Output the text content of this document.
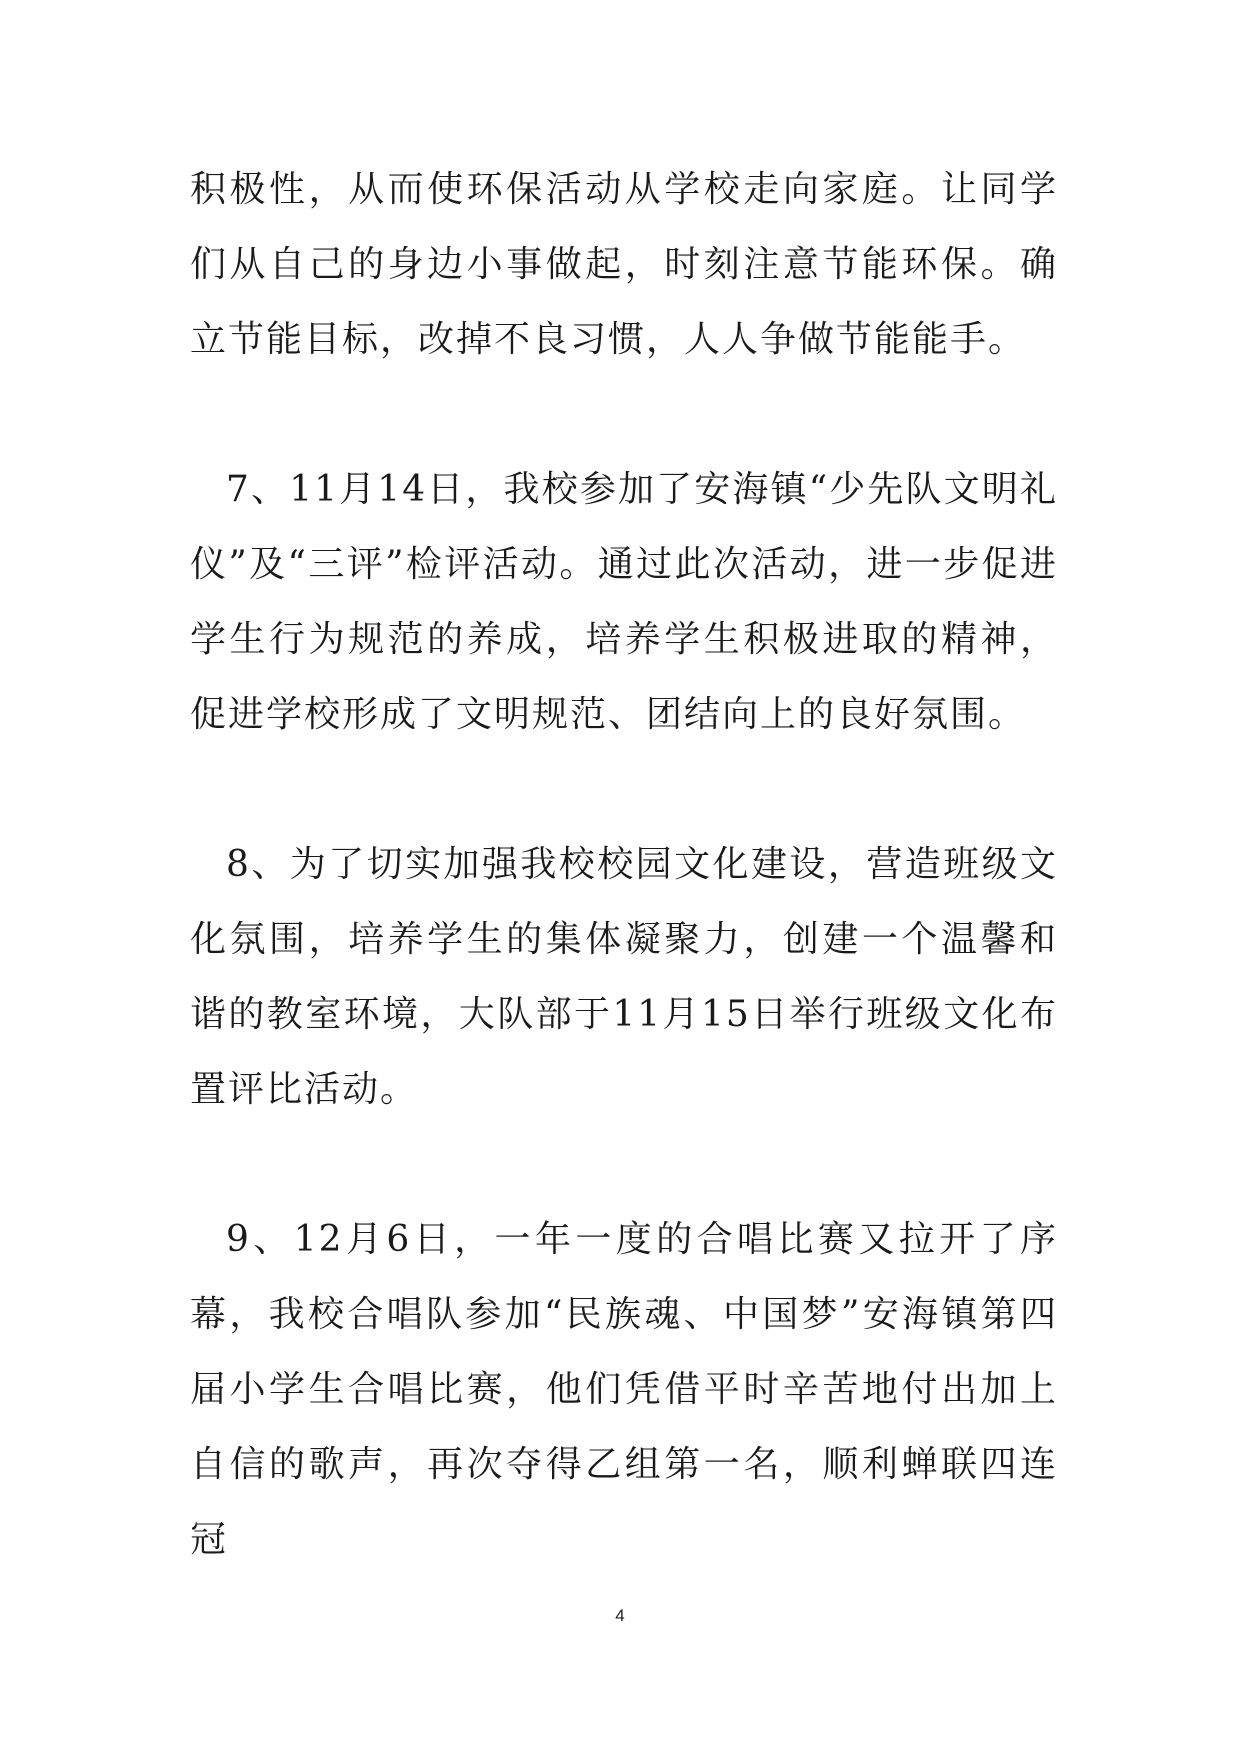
积极性，从而使环保活动从学校走向家庭。让同学们从自己的身边小事做起，时刻注意节能环保。确立节能目标，改掉不良习惯，人人争做节能能手。

7、11月14日，我校参加了安海镇“少先队文明礼仪”及“三评”检评活动。通过此次活动，进一步促进学生行为规范的养成，培养学生积极进取的精神，促进学校形成了文明规范、团结向上的良好氛围。

8、为了切实加强我校校园文化建设，营造班级文化氛围，培养学生的集体凝聚力，创建一个温馨和谐的教室环境，大队部于11月15日举行班级文化布置评比活动。

9、12月6日，一年一度的合唱比赛又拉开了序幕，我校合唱队参加“民族魂、中国梦”安海镇第四届小学生合唱比赛，他们凭借平时辛苦地付出加上自信的歌声，再次夺得乙组第一名，顺利蝉联四连冠

4
